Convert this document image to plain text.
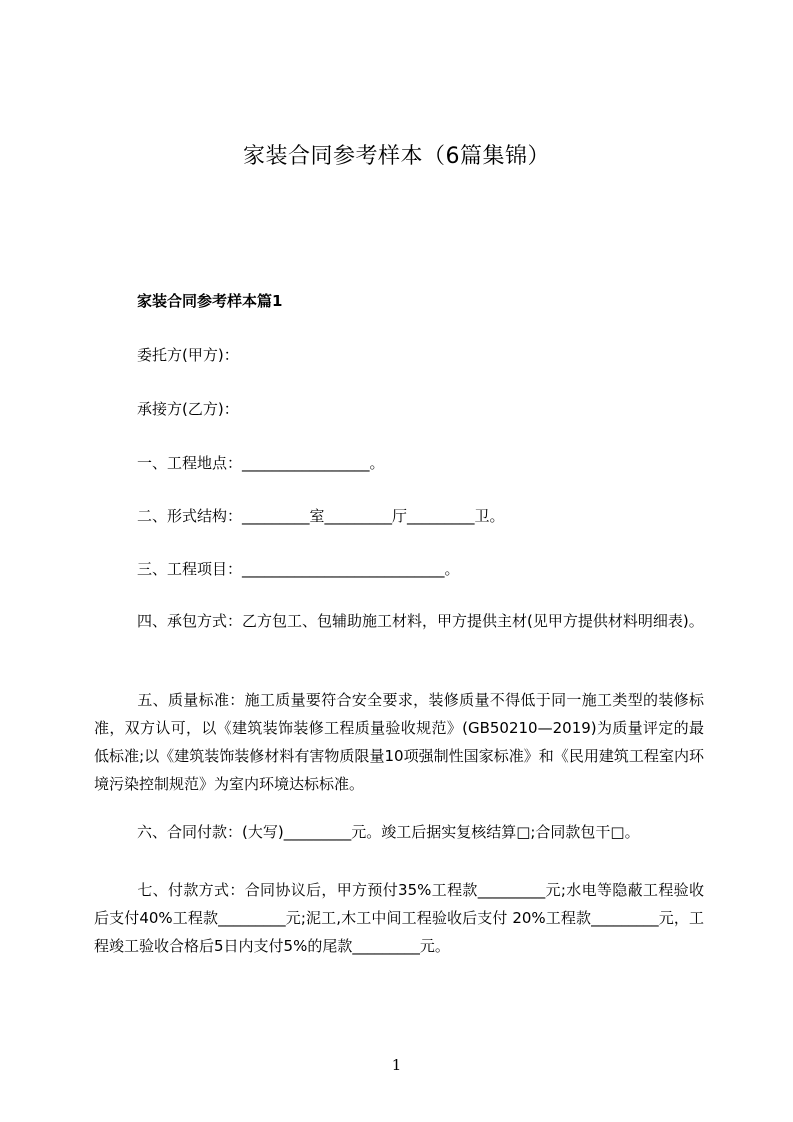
家装合同参考样本（6篇集锦）
家装合同参考样本篇1
委托方(甲方)：
承接方(乙方)：
一、工程地点：_________________。
二、形式结构：_________室_________厅_________卫。
三、工程项目：___________________________。
四、承包方式：乙方包工、包辅助施工材料，甲方提供主材(见甲方提供材料明细表)。
五、质量标准：施工质量要符合安全要求，装修质量不得低于同一施工类型的装修标准，双方认可，以《建筑装饰装修工程质量验收规范》(GB50210—2019)为质量评定的最低标准;以《建筑装饰装修材料有害物质限量10项强制性国家标准》和《民用建筑工程室内环境污染控制规范》为室内环境达标标准。
六、合同付款：(大写)_________元。竣工后据实复核结算□;合同款包干□。
七、付款方式：合同协议后，甲方预付35%工程款_________元;水电等隐蔽工程验收后支付40%工程款_________元;泥工,木工中间工程验收后支付 20%工程款_________元，工程竣工验收合格后5日内支付5%的尾款_________元。
1
